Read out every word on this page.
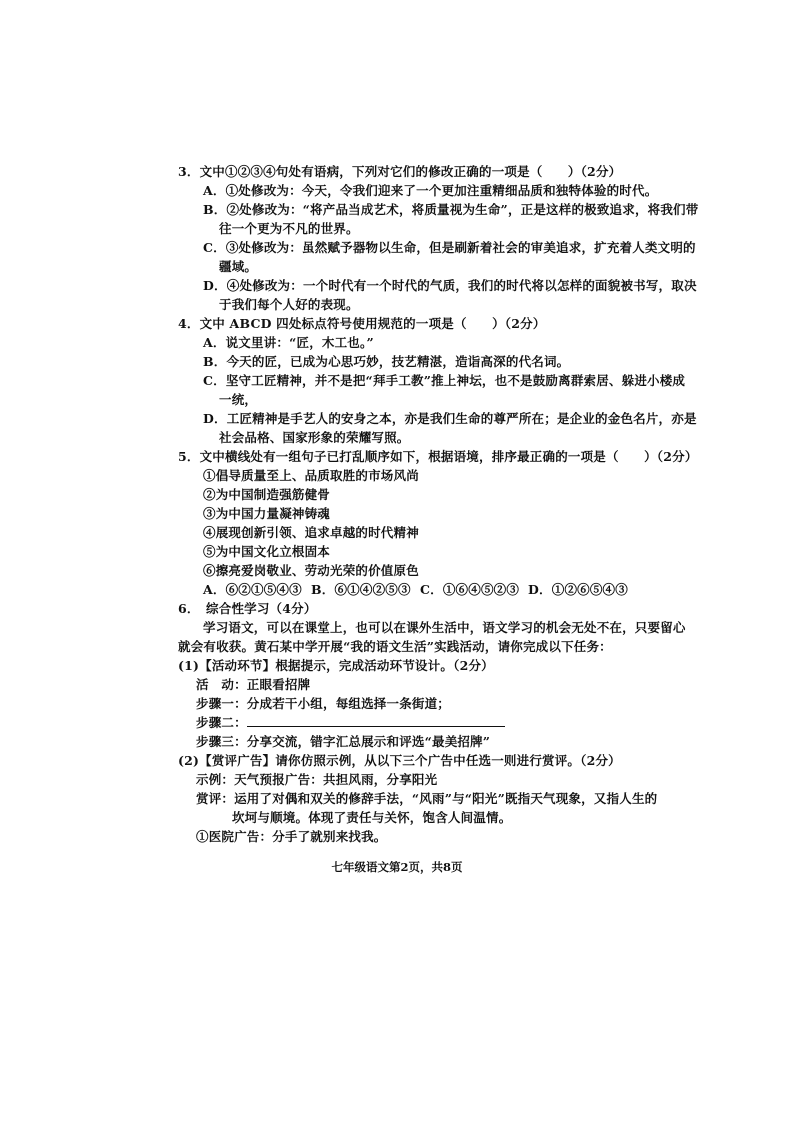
3．文中①②③④句处有语病，下列对它们的修改正确的一项是（　　）（2分）
A．①处修改为：今天，令我们迎来了一个更加注重精细品质和独特体验的时代。
B．②处修改为：“将产品当成艺术，将质量视为生命”，正是这样的极致追求，将我们带
往一个更为不凡的世界。
C．③处修改为：虽然赋予器物以生命，但是刷新着社会的审美追求，扩充着人类文明的
疆域。
D．④处修改为：一个时代有一个时代的气质，我们的时代将以怎样的面貌被书写，取决
于我们每个人好的表现。
4．文中 ABCD 四处标点符号使用规范的一项是（　　）（2分）
A．说文里讲：“匠，木工也。”
B．今天的匠，已成为心思巧妙，技艺精湛，造诣高深的代名词。
C．坚守工匠精神，并不是把“拜手工教”推上神坛，也不是鼓励离群索居、躲进小楼成
一统，
D．工匠精神是手艺人的安身之本，亦是我们生命的尊严所在；是企业的金色名片，亦是
社会品格、国家形象的荣耀写照。
5．文中横线处有一组句子已打乱顺序如下，根据语境，排序最正确的一项是（　　）（2分）
①倡导质量至上、品质取胜的市场风尚
②为中国制造强筋健骨
③为中国力量凝神铸魂
④展现创新引领、追求卓越的时代精神
⑤为中国文化立根固本
⑥擦亮爱岗敬业、劳动光荣的价值原色
A．⑥②①⑤④③ B．⑥①④②⑤③ C．①⑥④⑤②③ D．①②⑥⑤④③
6．　综合性学习（4分）
学习语文，可以在课堂上，也可以在课外生活中，语文学习的机会无处不在，只要留心
就会有收获。黄石某中学开展“我的语文生活”实践活动，请你完成以下任务：
(1)【活动环节】根据提示，完成活动环节设计。（2分）
活　动：正眼看招牌
步骤一：分成若干小组，每组选择一条街道；
步骤二：
步骤三：分享交流，错字汇总展示和评选“最美招牌”
(2)【赏评广告】请你仿照示例，从以下三个广告中任选一则进行赏评。（2分）
示例：天气预报广告：共担风雨，分享阳光
赏评：运用了对偶和双关的修辞手法，“风雨”与“阳光”既指天气现象，又指人生的
坎坷与顺境。体现了责任与关怀，饱含人间温情。
①医院广告：分手了就别来找我。
七年级语文第2页，共8页
